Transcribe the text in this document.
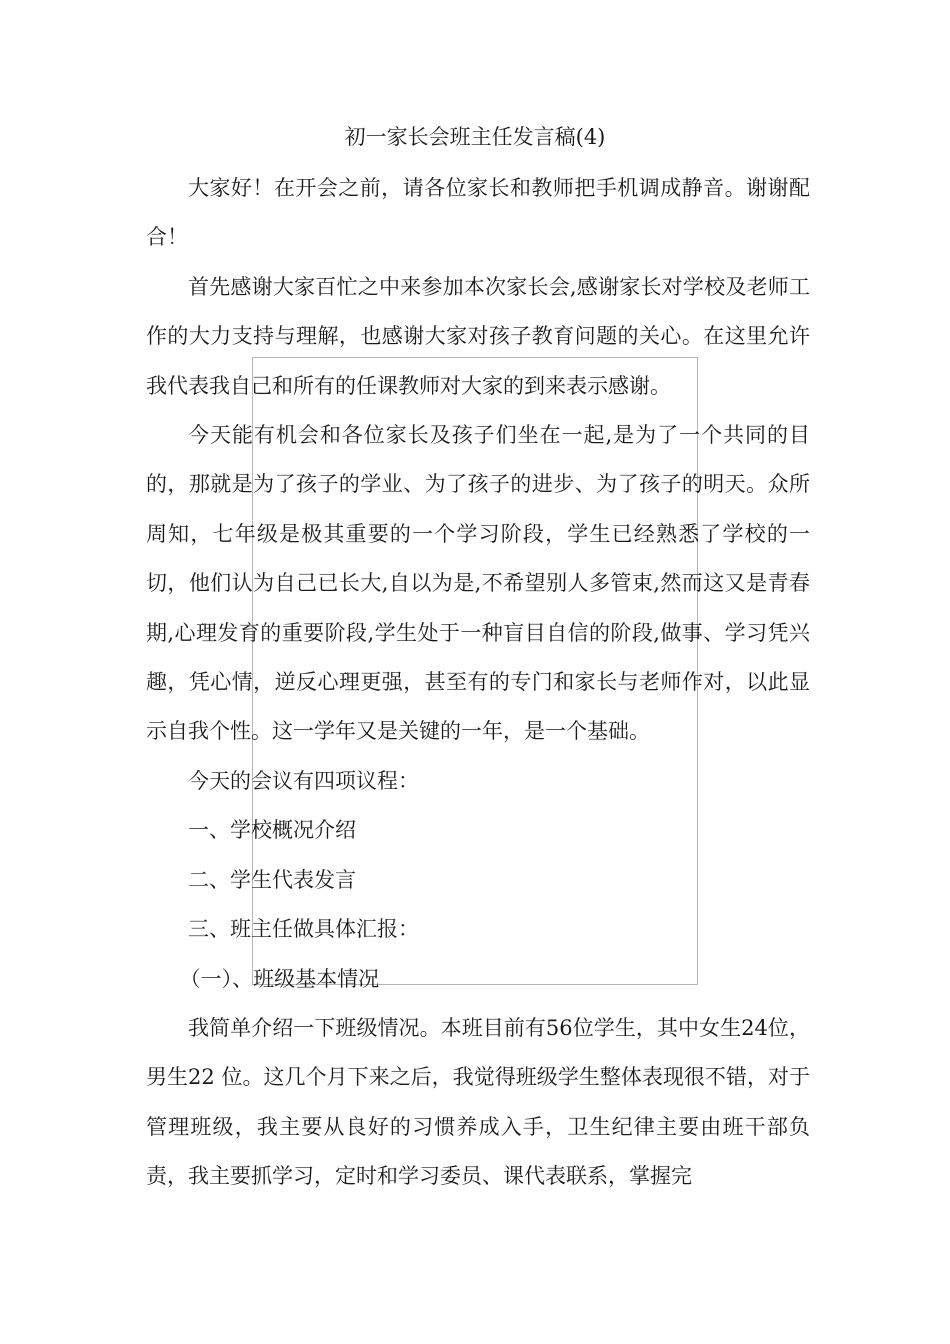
初一家长会班主任发言稿(4)

大家好！在开会之前，请各位家长和教师把手机调成静音。谢谢配合！

首先感谢大家百忙之中来参加本次家长会,感谢家长对学校及老师工作的大力支持与理解，也感谢大家对孩子教育问题的关心。在这里允许我代表我自己和所有的任课教师对大家的到来表示感谢。

今天能有机会和各位家长及孩子们坐在一起,是为了一个共同的目的，那就是为了孩子的学业、为了孩子的进步、为了孩子的明天。众所周知，七年级是极其重要的一个学习阶段，学生已经熟悉了学校的一切，他们认为自己已长大,自以为是,不希望别人多管束,然而这又是青春期,心理发育的重要阶段,学生处于一种盲目自信的阶段,做事、学习凭兴趣，凭心情，逆反心理更强，甚至有的专门和家长与老师作对，以此显示自我个性。这一学年又是关键的一年，是一个基础。

今天的会议有四项议程：

一、学校概况介绍

二、学生代表发言

三、班主任做具体汇报：

（一）、班级基本情况

我简单介绍一下班级情况。本班目前有56位学生，其中女生24位，男生22 位。这几个月下来之后，我觉得班级学生整体表现很不错，对于管理班级，我主要从良好的习惯养成入手，卫生纪律主要由班干部负责，我主要抓学习，定时和学习委员、课代表联系，掌握完
